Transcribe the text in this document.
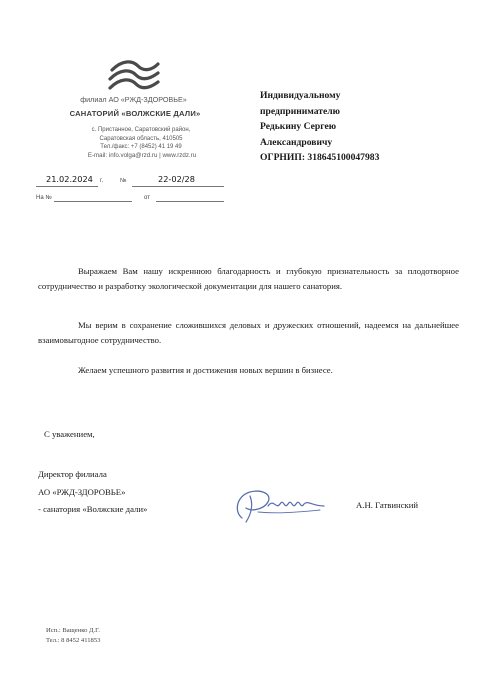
филиал АО «РЖД-ЗДОРОВЬЕ»
САНАТОРИЙ «ВОЛЖСКИЕ ДАЛИ»
с. Пристанное, Саратовский район,
Саратовская область, 410505
Тел./факс: +7 (8452) 41 19 49
E-mail: info.volga@rzd.ru | www.rzdz.ru
21.02.2024 г.	№	22-02/28
На №	от
Индивидуальному
предпринимателю
Редькину Сергею
Александровичу
ОГРНИП: 318645100047983
Выражаем Вам нашу искреннюю благодарность и глубокую признательность за плодотворное сотрудничество и разработку экологической документации для нашего санатория.
Мы верим в сохранение сложившихся деловых и дружеских отношений, надеемся на дальнейшее взаимовыгодное сотрудничество.
Желаем успешного развития и достижения новых вершин в бизнесе.
С уважением,
Директор филиала
АО «РЖД-ЗДОРОВЬЕ»
- санатория «Волжские дали»	А.Н. Гатвинский
Исп.: Ващенко Д.Г.
Тел.: 8 8452 411853
